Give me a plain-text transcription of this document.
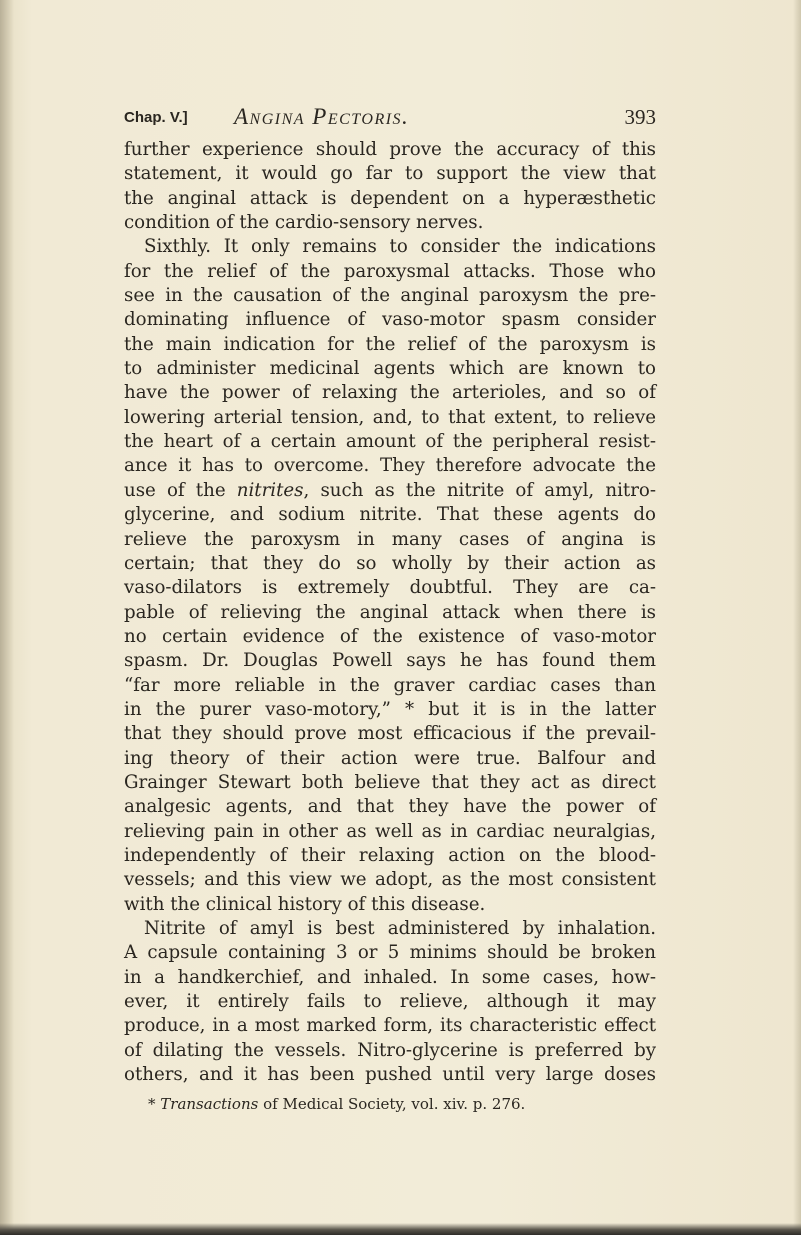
Chap. V.] Angina Pectoris.	393
further experience should prove the accuracy of this
statement, it would go far to support the view that
the anginal attack is dependent on a hyperæsthetic
condition of the cardio-sensory nerves.
Sixthly. It only remains to consider the indications
for the relief of the paroxysmal attacks. Those who
see in the causation of the anginal paroxysm the pre-
dominating influence of vaso-motor spasm consider
the main indication for the relief of the paroxysm is
to administer medicinal agents which are known to
have the power of relaxing the arterioles, and so of
lowering arterial tension, and, to that extent, to relieve
the heart of a certain amount of the peripheral resist-
ance it has to overcome. They therefore advocate the
use of the nitrites, such as the nitrite of amyl, nitro-
glycerine, and sodium nitrite. That these agents do
relieve the paroxysm in many cases of angina is
certain; that they do so wholly by their action as
vaso-dilators is extremely doubtful. They are ca-
pable of relieving the anginal attack when there is
no certain evidence of the existence of vaso-motor
spasm. Dr. Douglas Powell says he has found them
“far more reliable in the graver cardiac cases than
in the purer vaso-motory,” * but it is in the latter
that they should prove most efficacious if the prevail-
ing theory of their action were true. Balfour and
Grainger Stewart both believe that they act as direct
analgesic agents, and that they have the power of
relieving pain in other as well as in cardiac neuralgias,
independently of their relaxing action on the blood-
vessels; and this view we adopt, as the most consistent
with the clinical history of this disease.
Nitrite of amyl is best administered by inhalation.
A capsule containing 3 or 5 minims should be broken
in a handkerchief, and inhaled. In some cases, how-
ever, it entirely fails to relieve, although it may
produce, in a most marked form, its characteristic effect
of dilating the vessels. Nitro-glycerine is preferred by
others, and it has been pushed until very large doses
* Transactions of Medical Society, vol. xiv. p. 276.
